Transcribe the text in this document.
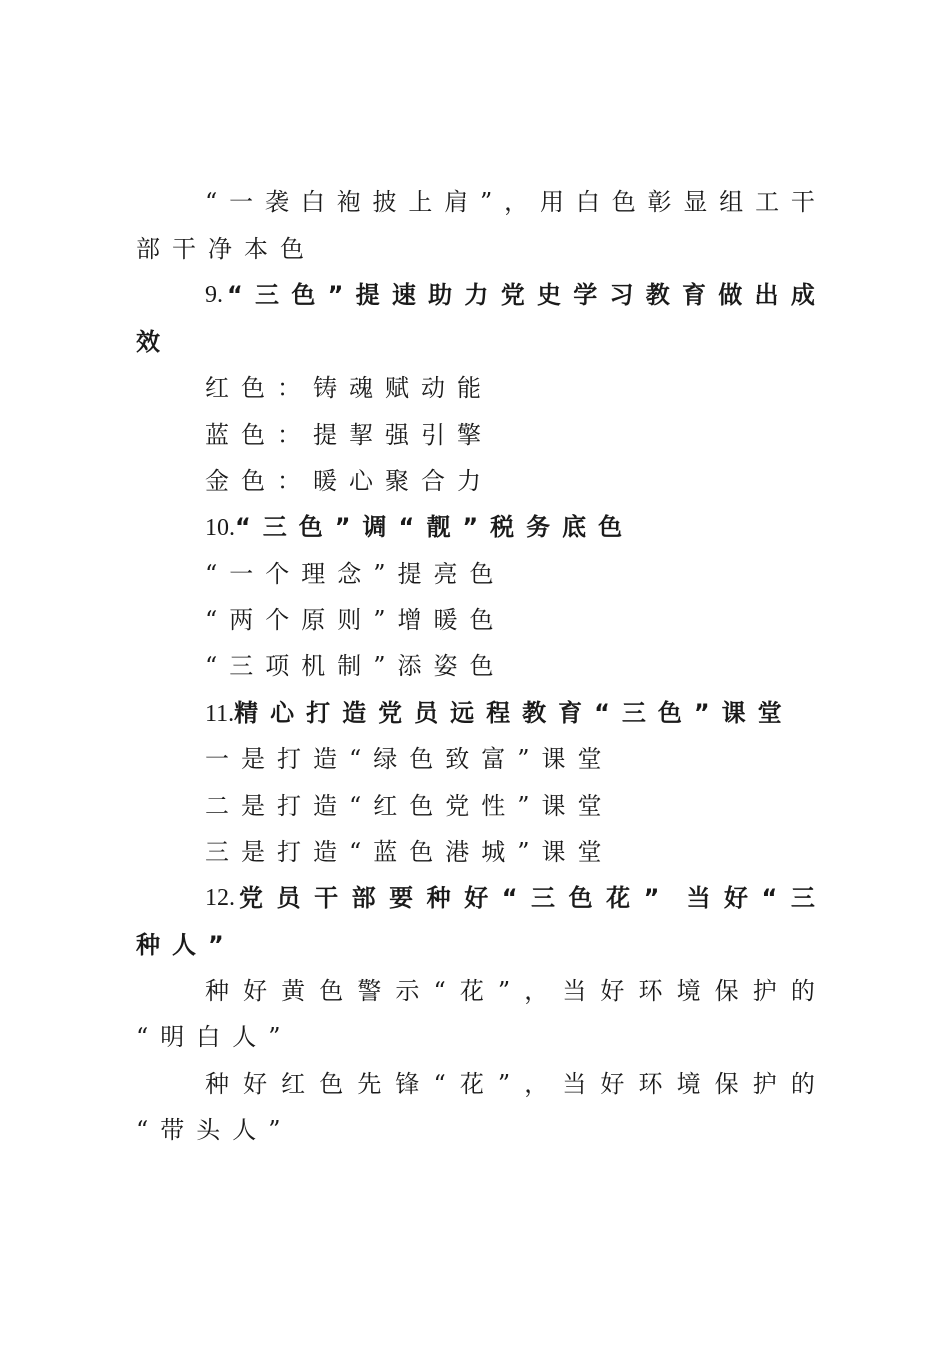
“ 一 袭 白 袍 披 上 肩 ” ， 用 白 色 彰 显 组 工 干
部干净本色
9. “ 三 色 ” 提 速 助 力 党 史 学 习 教 育 做 出 成
效
红色：铸魂赋动能
蓝色：提挈强引擎
金色：暖心聚合力
10.“三色”调“靓”税务底色
“一个理念”提亮色
“两个原则”增暖色
“三项机制”添姿色
11.精心打造党员远程教育“三色”课堂
一是打造“绿色致富”课堂
二是打造“红色党性”课堂
三是打造“蓝色港城”课堂
12. 党 员 干 部 要 种 好 “ 三 色 花 ” 当 好 “ 三
种人”
种 好 黄 色 警 示 “ 花 ” ， 当 好 环 境 保 护 的
“明白人”
种 好 红 色 先 锋 “ 花 ” ， 当 好 环 境 保 护 的
“带头人”
